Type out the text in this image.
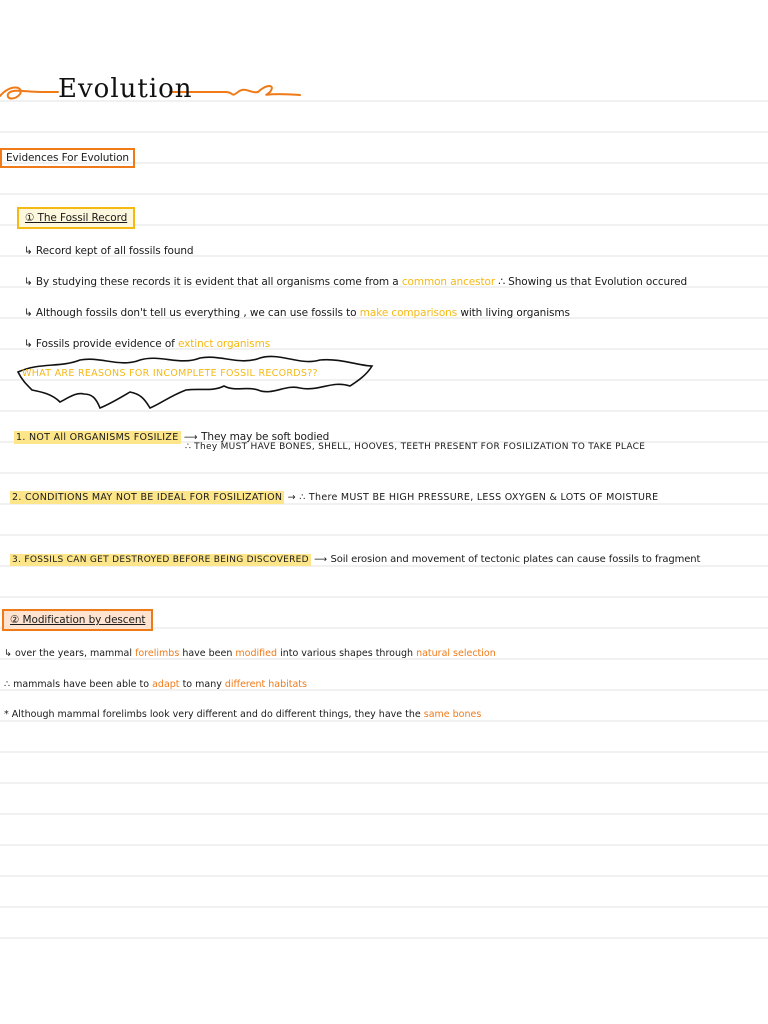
Evolution
Evidences For Evolution
① The Fossil Record
↳ Record kept of all fossils found
↳ By studying these records it is evident that all organisms come from a common ancestor ∴ Showing us that Evolution occured
↳ Although fossils don't tell us everything , we can use fossils to make comparisons with living organisms
↳ Fossils provide evidence of extinct organisms
WHAT ARE REASONS FOR INCOMPLETE FOSSIL RECORDS??
1. NOT All ORGANISMS FOSILIZE ⟶ They may be soft bodied
∴ They MUST HAVE BONES, SHELL, HOOVES, TEETH PRESENT FOR FOSILIZATION TO TAKE PLACE
2. CONDITIONS MAY NOT BE IDEAL FOR FOSILIZATION → ∴ There MUST BE HIGH PRESSURE, LESS OXYGEN & LOTS OF MOISTURE
3. FOSSILS CAN GET DESTROYED BEFORE BEING DISCOVERED ⟶ Soil erosion and movement of tectonic plates can cause fossils to fragment
② Modification by descent
↳ over the years, mammal forelimbs have been modified into various shapes through natural selection
∴ mammals have been able to adapt to many different habitats
* Although mammal forelimbs look very different and do different things, they have the same bones
